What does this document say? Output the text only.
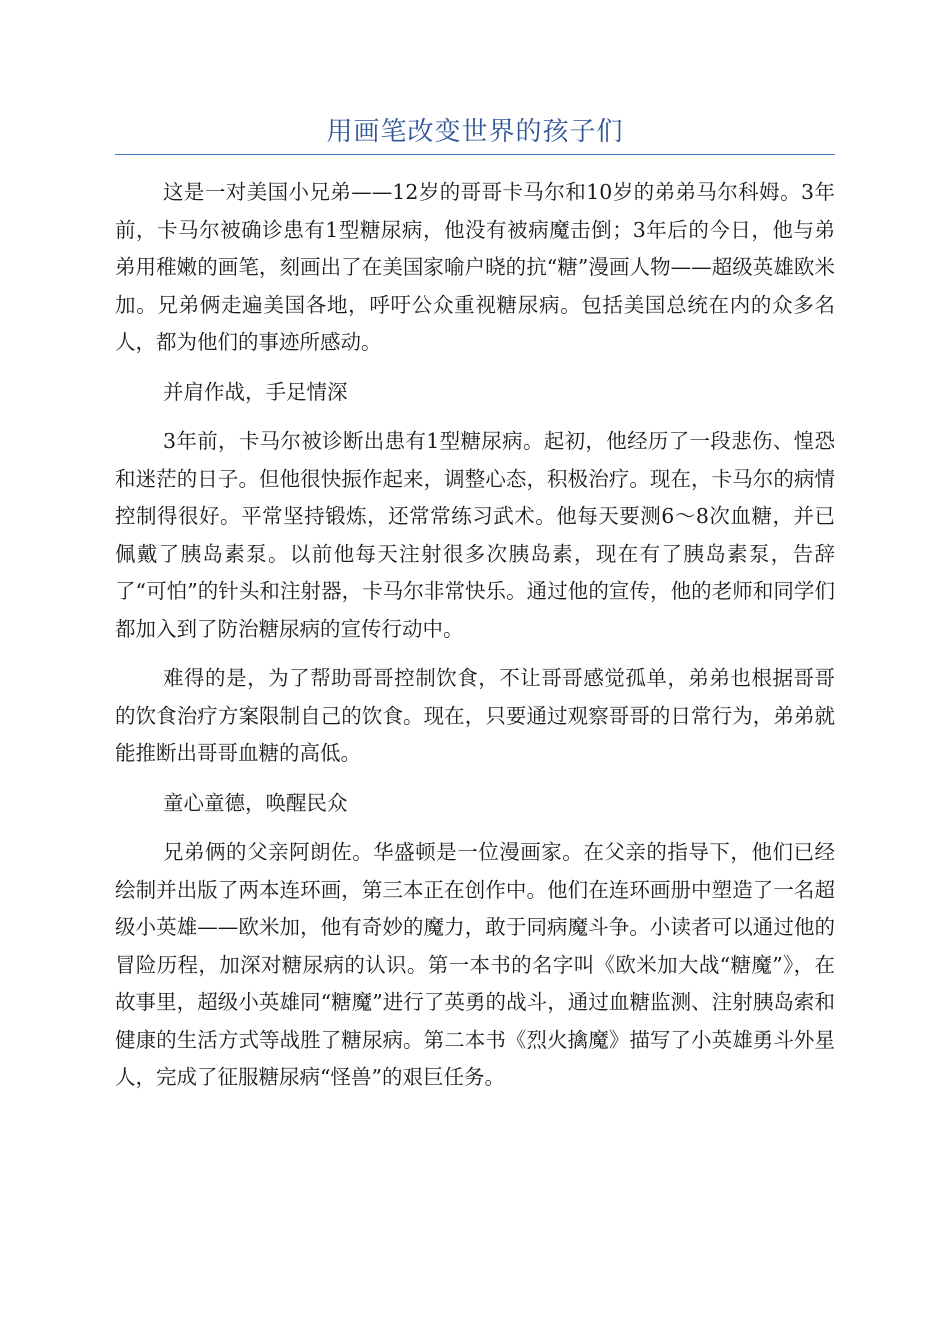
用画笔改变世界的孩子们

这是一对美国小兄弟——12岁的哥哥卡马尔和10岁的弟弟马尔科姆。3年前，卡马尔被确诊患有1型糖尿病，他没有被病魔击倒；3年后的今日，他与弟弟用稚嫩的画笔，刻画出了在美国家喻户晓的抗“糖”漫画人物——超级英雄欧米加。兄弟俩走遍美国各地，呼吁公众重视糖尿病。包括美国总统在内的众多名人，都为他们的事迹所感动。

并肩作战，手足情深

3年前，卡马尔被诊断出患有1型糖尿病。起初，他经历了一段悲伤、惶恐和迷茫的日子。但他很快振作起来，调整心态，积极治疗。现在，卡马尔的病情控制得很好。平常坚持锻炼，还常常练习武术。他每天要测6～8次血糖，并已佩戴了胰岛素泵。以前他每天注射很多次胰岛素，现在有了胰岛素泵，告辞了“可怕”的针头和注射器，卡马尔非常快乐。通过他的宣传，他的老师和同学们都加入到了防治糖尿病的宣传行动中。

难得的是，为了帮助哥哥控制饮食，不让哥哥感觉孤单，弟弟也根据哥哥的饮食治疗方案限制自己的饮食。现在，只要通过观察哥哥的日常行为，弟弟就能推断出哥哥血糖的高低。

童心童德，唤醒民众

兄弟俩的父亲阿朗佐。华盛顿是一位漫画家。在父亲的指导下，他们已经绘制并出版了两本连环画，第三本正在创作中。他们在连环画册中塑造了一名超级小英雄——欧米加，他有奇妙的魔力，敢于同病魔斗争。小读者可以通过他的冒险历程，加深对糖尿病的认识。第一本书的名字叫《欧米加大战“糖魔”》，在故事里，超级小英雄同“糖魔”进行了英勇的战斗，通过血糖监测、注射胰岛索和健康的生活方式等战胜了糖尿病。第二本书《烈火擒魔》描写了小英雄勇斗外星人，完成了征服糖尿病“怪兽”的艰巨任务。
